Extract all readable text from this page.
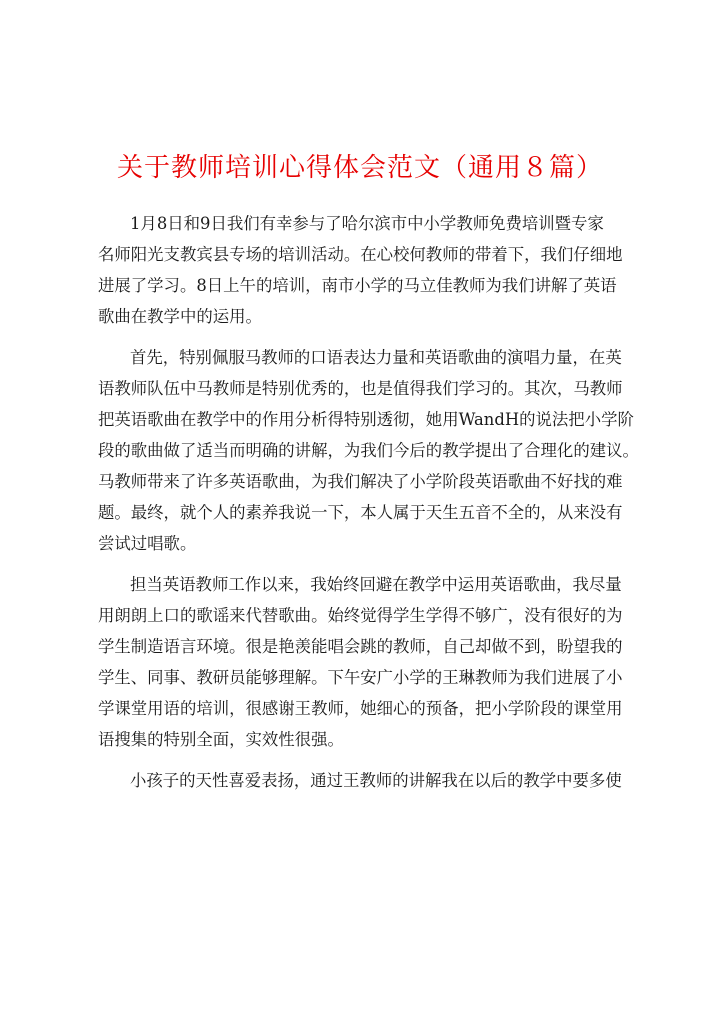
关于教师培训心得体会范文（通用８篇）
1月8日和9日我们有幸参与了哈尔滨市中小学教师免费培训暨专家
名师阳光支教宾县专场的培训活动。在心校何教师的带着下，我们仔细地
进展了学习。8日上午的培训，南市小学的马立佳教师为我们讲解了英语
歌曲在教学中的运用。
首先，特别佩服马教师的口语表达力量和英语歌曲的演唱力量，在英
语教师队伍中马教师是特别优秀的，也是值得我们学习的。其次，马教师
把英语歌曲在教学中的作用分析得特别透彻，她用WandH的说法把小学阶
段的歌曲做了适当而明确的讲解，为我们今后的教学提出了合理化的建议。
马教师带来了许多英语歌曲，为我们解决了小学阶段英语歌曲不好找的难
题。最终，就个人的素养我说一下，本人属于天生五音不全的，从来没有
尝试过唱歌。
担当英语教师工作以来，我始终回避在教学中运用英语歌曲，我尽量
用朗朗上口的歌谣来代替歌曲。始终觉得学生学得不够广，没有很好的为
学生制造语言环境。很是艳羡能唱会跳的教师，自己却做不到，盼望我的
学生、同事、教研员能够理解。下午安广小学的王琳教师为我们进展了小
学课堂用语的培训，很感谢王教师，她细心的预备，把小学阶段的课堂用
语搜集的特别全面，实效性很强。
小孩子的天性喜爱表扬，通过王教师的讲解我在以后的教学中要多使
